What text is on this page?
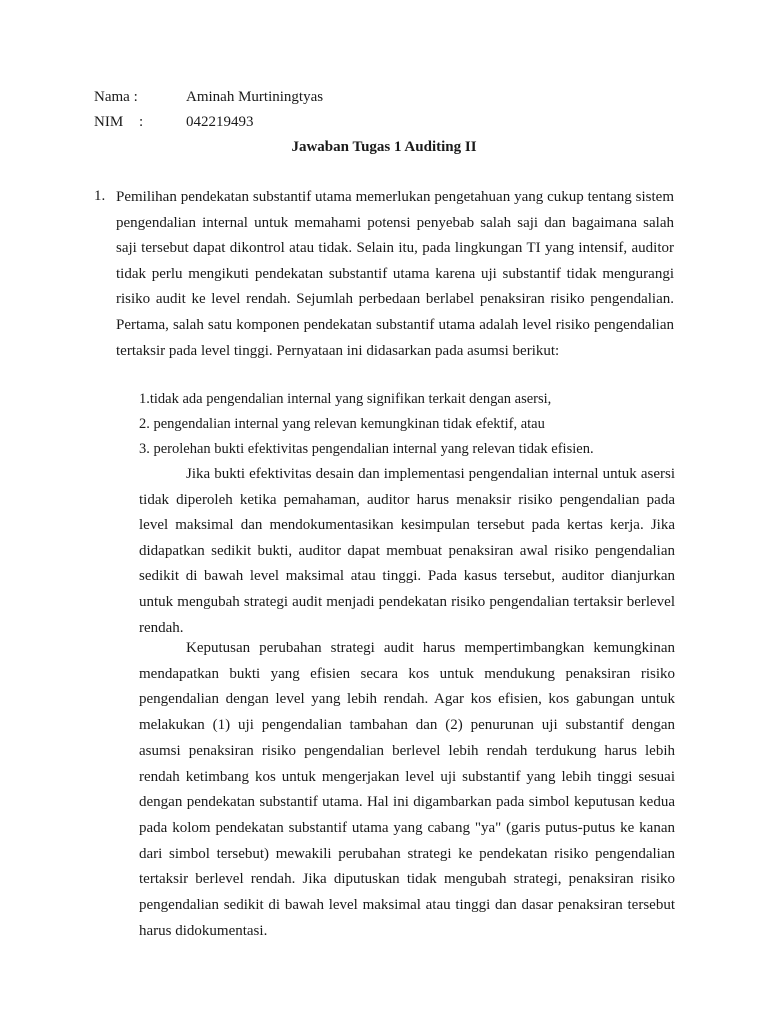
Nama :	Aminah Murtiningtyas
NIM :	042219493
Jawaban Tugas 1 Auditing II
1. Pemilihan pendekatan substantif utama memerlukan pengetahuan yang cukup tentang sistem pengendalian internal untuk memahami potensi penyebab salah saji dan bagaimana salah saji tersebut dapat dikontrol atau tidak. Selain itu, pada lingkungan TI yang intensif, auditor tidak perlu mengikuti pendekatan substantif utama karena uji substantif tidak mengurangi risiko audit ke level rendah. Sejumlah perbedaan berlabel penaksiran risiko pengendalian. Pertama, salah satu komponen pendekatan substantif utama adalah level risiko pengendalian tertaksir pada level tinggi. Pernyataan ini didasarkan pada asumsi berikut:
1.tidak ada pengendalian internal yang signifikan terkait dengan asersi,
2. pengendalian internal yang relevan kemungkinan tidak efektif, atau
3. perolehan bukti efektivitas pengendalian internal yang relevan tidak efisien.
Jika bukti efektivitas desain dan implementasi pengendalian internal untuk asersi tidak diperoleh ketika pemahaman, auditor harus menaksir risiko pengendalian pada level maksimal dan mendokumentasikan kesimpulan tersebut pada kertas kerja. Jika didapatkan sedikit bukti, auditor dapat membuat penaksiran awal risiko pengendalian sedikit di bawah level maksimal atau tinggi. Pada kasus tersebut, auditor dianjurkan untuk mengubah strategi audit menjadi pendekatan risiko pengendalian tertaksir berlevel rendah.
Keputusan perubahan strategi audit harus mempertimbangkan kemungkinan mendapatkan bukti yang efisien secara kos untuk mendukung penaksiran risiko pengendalian dengan level yang lebih rendah. Agar kos efisien, kos gabungan untuk melakukan (1) uji pengendalian tambahan dan (2) penurunan uji substantif dengan asumsi penaksiran risiko pengendalian berlevel lebih rendah terdukung harus lebih rendah ketimbang kos untuk mengerjakan level uji substantif yang lebih tinggi sesuai dengan pendekatan substantif utama. Hal ini digambarkan pada simbol keputusan kedua pada kolom pendekatan substantif utama yang cabang "ya" (garis putus-putus ke kanan dari simbol tersebut) mewakili perubahan strategi ke pendekatan risiko pengendalian tertaksir berlevel rendah. Jika diputuskan tidak mengubah strategi, penaksiran risiko pengendalian sedikit di bawah level maksimal atau tinggi dan dasar penaksiran tersebut harus didokumentasi.
